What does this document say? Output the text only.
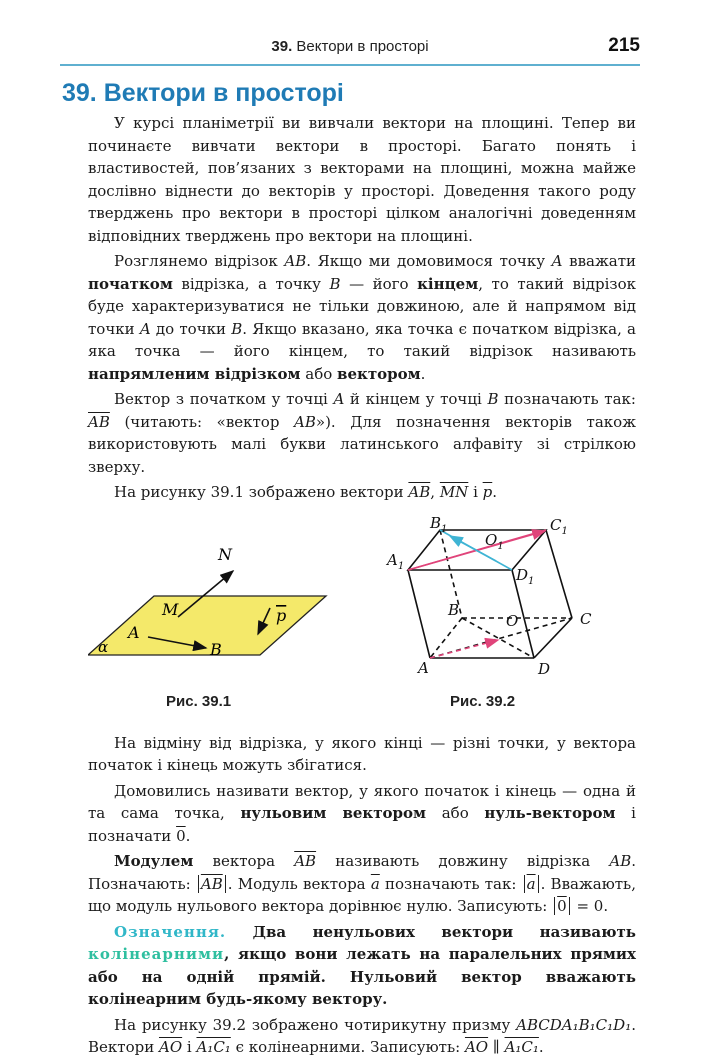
39. Вектори в просторі	215
39. Вектори в просторі

У курсі планіметрії ви вивчали вектори на площині. Тепер ви починаєте вивчати вектори в просторі. Багато понять і властивостей, пов’язаних з векторами на площині, можна майже дослівно віднести до векторів у просторі. Доведення такого роду тверджень про вектори в просторі цілком аналогічні доведенням відповідних тверджень про вектори на площині.

Розглянемо відрізок AB. Якщо ми домовимося точку A вважати початком відрізка, а точку B — його кінцем, то такий відрізок буде характеризуватися не тільки довжиною, але й напрямом від точки A до точки B. Якщо вказано, яка точка є початком відрізка, а яка точка — його кінцем, то такий відрізок називають напрямленим відрізком або вектором.

Вектор з початком у точці A й кінцем у точці B позначають так: $\overline{AB}$ (читають: «вектор AB»). Для позначення векторів також використовують малі букви латинського алфавіту зі стрілкою зверху.

На рисунку 39.1 зображено вектори $\overline{AB}$, $\overline{MN}$ і $\overline{p}$.

N
M
A
B
p
α
$B_1$
$O_1$
$C_1$
$A_1$	$D_1$
B
O	C
A	D
Рис. 39.1	Рис. 39.2

На відміну від відрізка, у якого кінці — різні точки, у вектора початок і кінець можуть збігатися.

Домовились називати вектор, у якого початок і кінець — одна й та сама точка, нульовим вектором або нуль-вектором і позначати 0.

Модулем вектора $\overline{AB}$ називають довжину відрізка AB. Позначають: $\overline{AB}$ . Модуль вектора $\overline{a}$ позначають так: $\overline{a}$ . Вважають, що модуль нульового вектора дорівнює нулю. Записують: 0 = 0.

Означення. Два ненульових вектори називають колінеарними, якщо вони лежать на паралельних прямих або на одній прямій. Нульовий вектор вважають колінеарним будь-якому вектору.

На рисунку 39.2 зображено чотирикутну призму ABCDA₁B₁C₁D₁. Вектори $\overline{AO}$ і A₁C₁ є колінеарними. Записують: $\overline{AO}$ ∥ A₁C₁.
